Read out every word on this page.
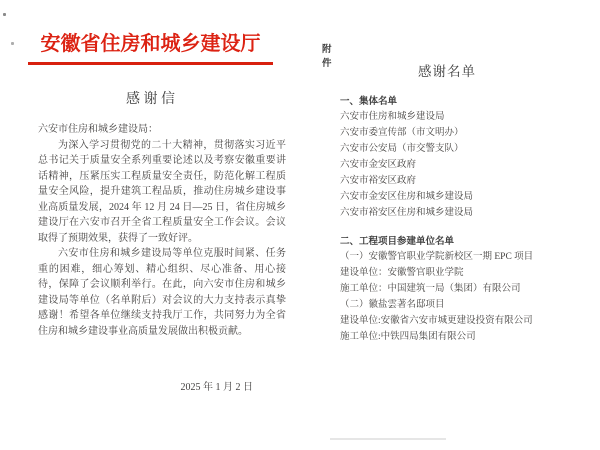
安徽省住房和城乡建设厅
感 谢 信

六安市住房和城乡建设局：

为深入学习贯彻党的二十大精神，贯彻落实习近平总书记关于质量安全系列重要论述以及考察安徽重要讲话精神，压紧压实工程质量安全责任，防范化解工程质量安全风险，提升建筑工程品质，推动住房城乡建设事业高质量发展，2024 年 12 月 24 日—25 日，省住房城乡建设厅在六安市召开全省工程质量安全工作会议。会议取得了预期效果，获得了一致好评。

六安市住房和城乡建设局等单位克服时间紧、任务重的困难，细心筹划、精心组织、尽心准备、用心接待，保障了会议顺利举行。在此，向六安市住房和城乡建设局等单位（名单附后）对会议的大力支持表示真挚感谢！希望各单位继续支持我厅工作，共同努力为全省住房和城乡建设事业高质量发展做出积极贡献。

2025 年 1 月 2 日
附件	感谢名单
一、集体名单
六安市住房和城乡建设局
六安市委宣传部（市文明办）
六安市公安局（市交警支队）
六安市金安区政府
六安市裕安区政府
六安市金安区住房和城乡建设局
六安市裕安区住房和城乡建设局
二、工程项目参建单位名单
（一）安徽警官职业学院新校区一期 EPC 项目
建设单位：安徽警官职业学院
施工单位：中国建筑一局（集团）有限公司
（二）徽盐雲著名邸项目
建设单位:安徽省六安市城更建设投资有限公司
施工单位:中铁四局集团有限公司
